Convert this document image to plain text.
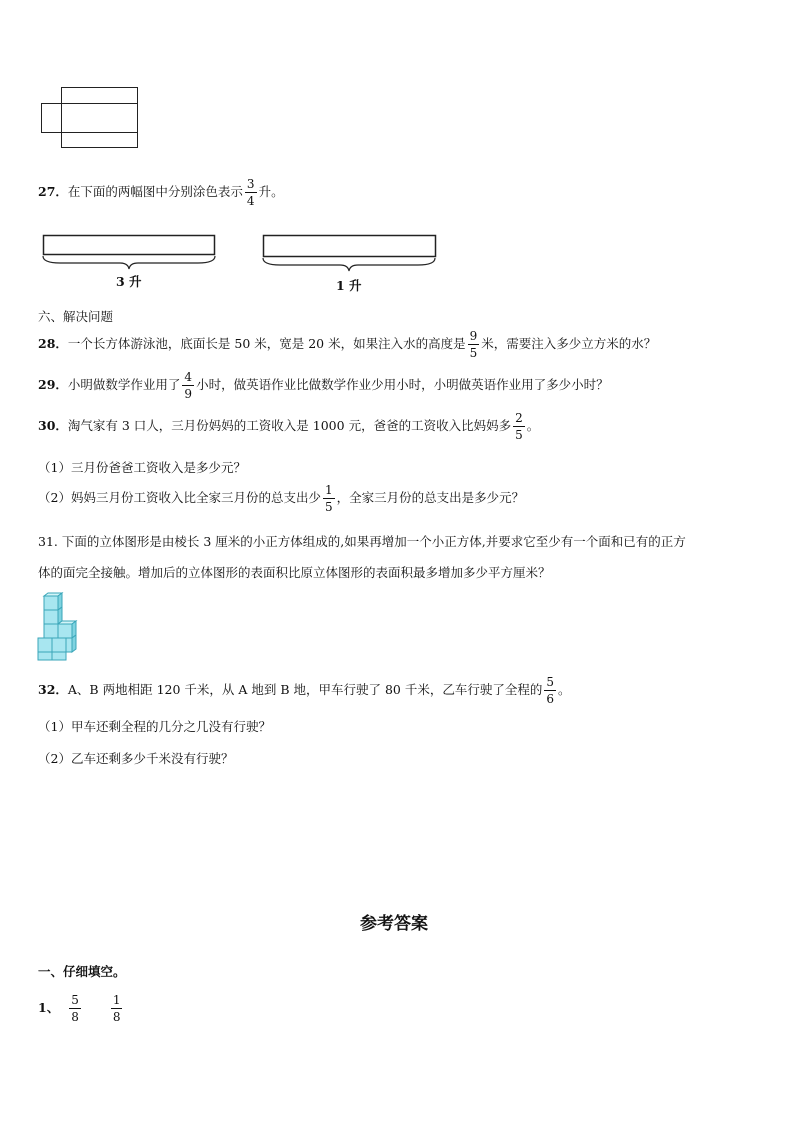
27．在下面的两幅图中分别涂色表示 $\frac{3}{4}$ 升。
3 升	1 升
六、解决问题
28．一个长方体游泳池，底面长是 50 米，宽是 20 米，如果注入水的高度是 $\frac{9}{5}$ 米，需要注入多少立方米的水？
29．小明做数学作业用了 $\frac{4}{9}$ 小时，做英语作业比做数学作业少用小时，小明做英语作业用了多少小时？
30．淘气家有 3 口人，三月份妈妈的工资收入是 1000 元，爸爸的工资收入比妈妈多 $\frac{2}{5}$ 。
（1）三月份爸爸工资收入是多少元？
（2）妈妈三月份工资收入比全家三月份的总支出少 $\frac{1}{5}$ ，全家三月份的总支出是多少元？
31. 下面的立体图形是由棱长 3 厘米的小正方体组成的,如果再增加一个小正方体,并要求它至少有一个面和已有的正方
体的面完全接触。增加后的立体图形的表面积比原立体图形的表面积最多增加多少平方厘米？
32．A、B 两地相距 120 千米，从 A 地到 B 地，甲车行驶了 80 千米，乙车行驶了全程的 $\frac{5}{6}$ 。
（1）甲车还剩全程的几分之几没有行驶？
（2）乙车还剩多少千米没有行驶？
参考答案
一、仔细填空。
1、 $\frac{5}{8}$	$\frac{1}{8}$
